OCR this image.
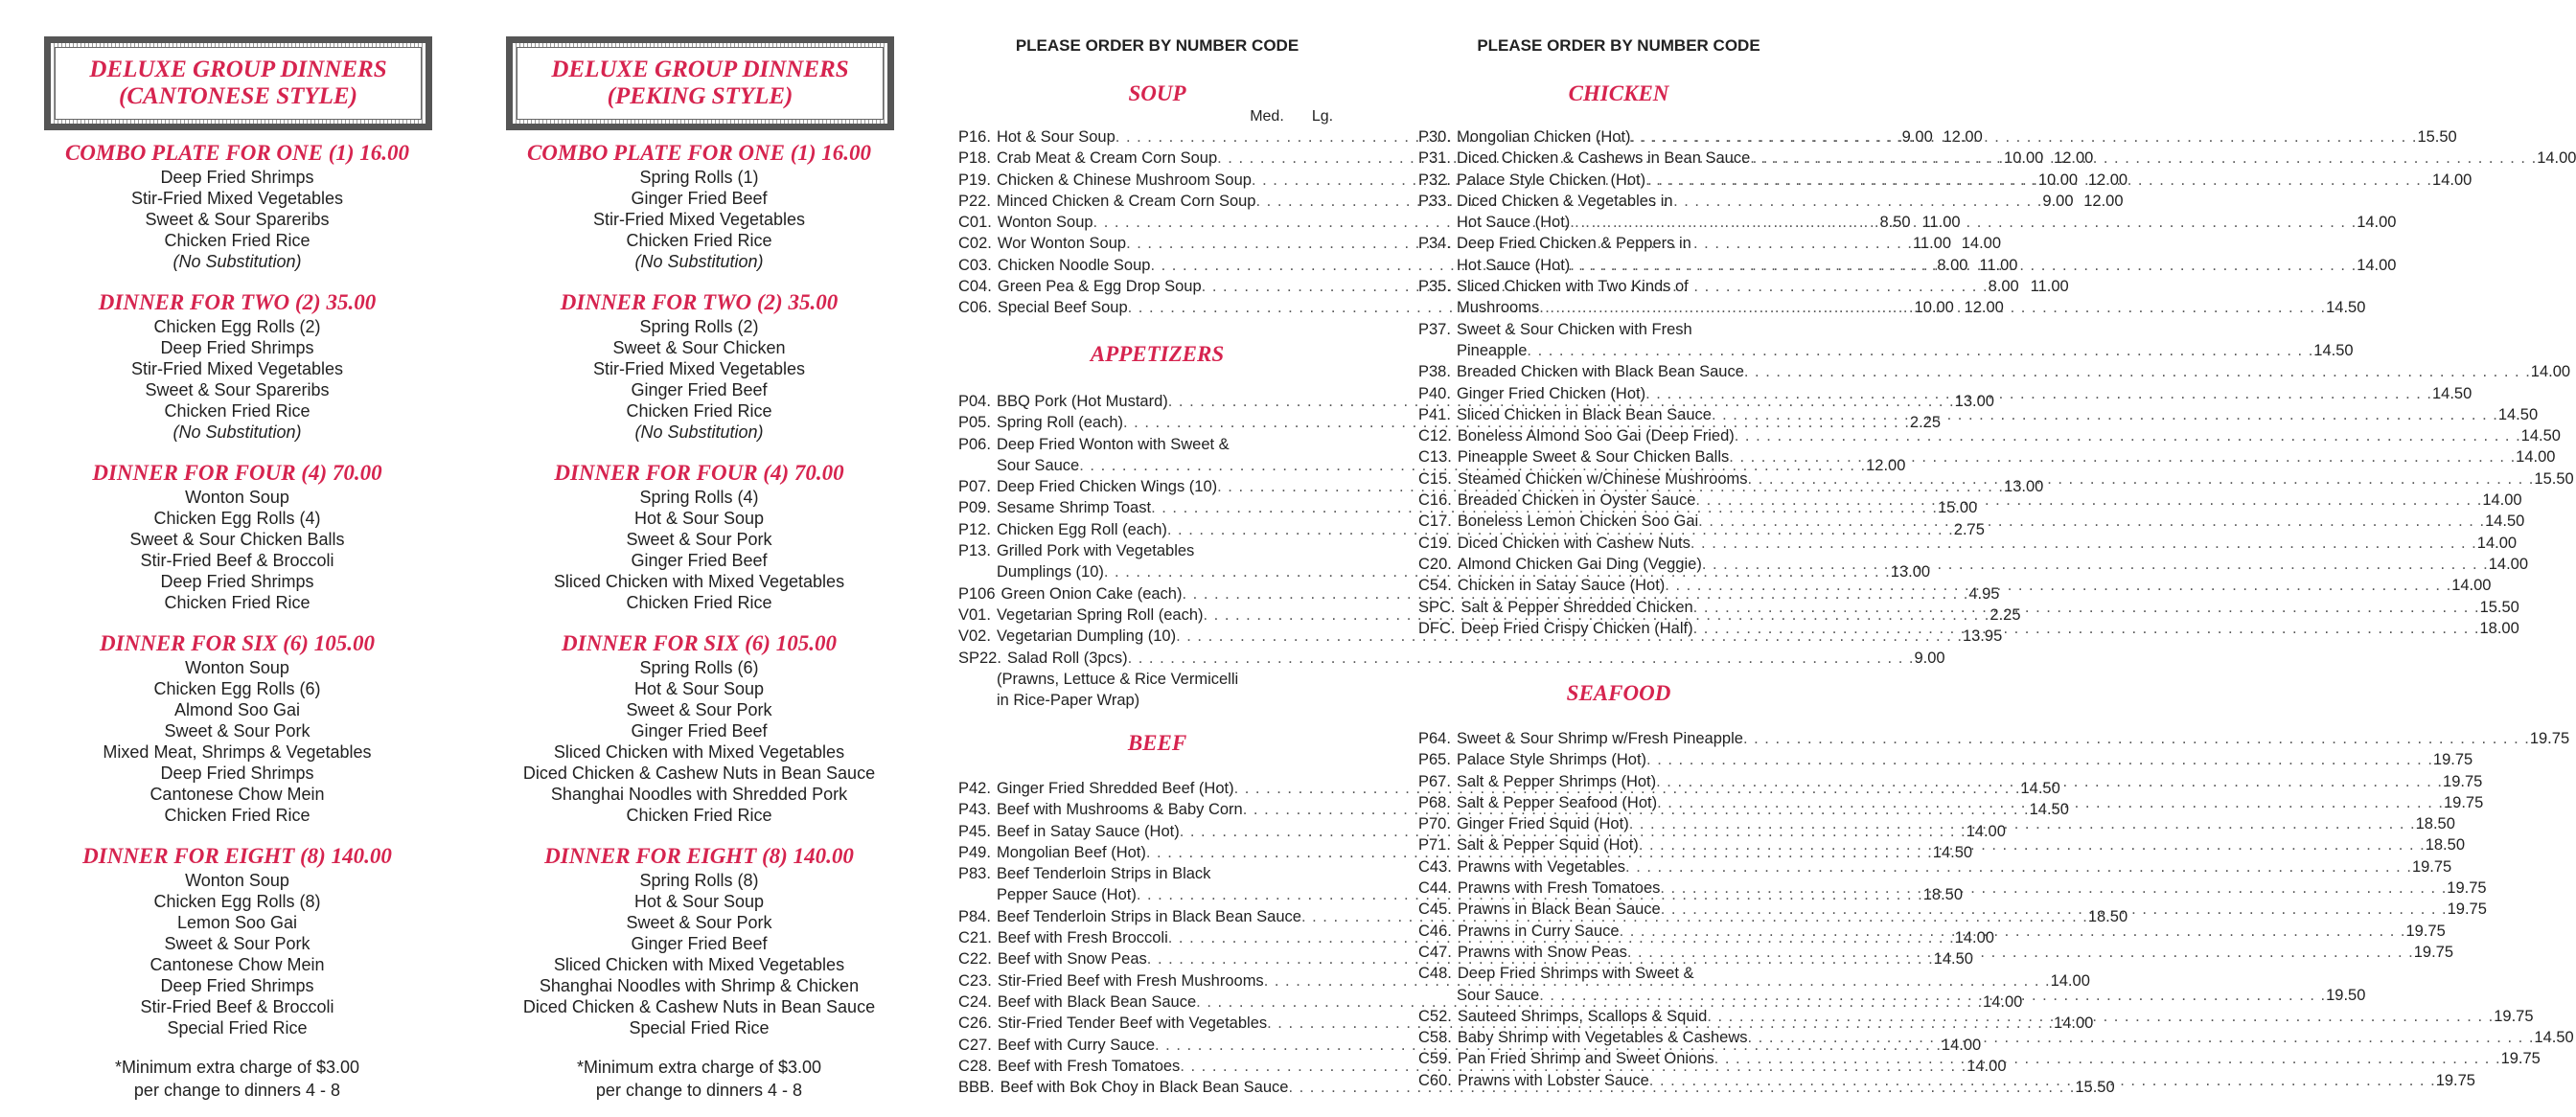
DELUXE GROUP DINNERS

(CANTONESE STYLE)

COMBO PLATE FOR ONE (1) 16.00

Deep Fried Shrimps
Stir-Fried Mixed Vegetables
Sweet & Sour Spareribs
Chicken Fried Rice
(No Substitution)

DINNER FOR TWO (2) 35.00

Chicken Egg Rolls (2)
Deep Fried Shrimps
Stir-Fried Mixed Vegetables
Sweet & Sour Spareribs
Chicken Fried Rice
(No Substitution)

DINNER FOR FOUR (4) 70.00

Wonton Soup
Chicken Egg Rolls (4)
Sweet & Sour Chicken Balls
Stir-Fried Beef & Broccoli
Deep Fried Shrimps
Chicken Fried Rice

DINNER FOR SIX (6) 105.00

Wonton Soup
Chicken Egg Rolls (6)
Almond Soo Gai
Sweet & Sour Pork
Mixed Meat, Shrimps & Vegetables
Deep Fried Shrimps
Cantonese Chow Mein
Chicken Fried Rice

DINNER FOR EIGHT (8) 140.00

Wonton Soup
Chicken Egg Rolls (8)
Lemon Soo Gai
Sweet & Sour Pork
Cantonese Chow Mein
Deep Fried Shrimps
Stir-Fried Beef & Broccoli
Special Fried Rice
*Minimum extra charge of $3.00
per change to dinners 4 - 8

DELUXE GROUP DINNERS

(PEKING STYLE)

COMBO PLATE FOR ONE (1) 16.00

Spring Rolls (1)
Ginger Fried Beef
Stir-Fried Mixed Vegetables
Chicken Fried Rice
(No Substitution)

DINNER FOR TWO (2) 35.00

Spring Rolls (2)
Sweet & Sour Chicken
Stir-Fried Mixed Vegetables
Ginger Fried Beef
Chicken Fried Rice
(No Substitution)

DINNER FOR FOUR (4) 70.00

Spring Rolls (4)
Hot & Sour Soup
Sweet & Sour Pork
Ginger Fried Beef
Sliced Chicken with Mixed Vegetables
Chicken Fried Rice

DINNER FOR SIX (6) 105.00

Spring Rolls (6)
Hot & Sour Soup
Sweet & Sour Pork
Ginger Fried Beef
Sliced Chicken with Mixed Vegetables
Diced Chicken & Cashew Nuts in Bean Sauce
Shanghai Noodles with Shredded Pork
Chicken Fried Rice

DINNER FOR EIGHT (8) 140.00

Spring Rolls (8)
Hot & Sour Soup
Sweet & Sour Pork
Ginger Fried Beef
Sliced Chicken with Mixed Vegetables
Shanghai Noodles with Shrimp & Chicken
Diced Chicken & Cashew Nuts in Bean Sauce
Special Fried Rice
*Minimum extra charge of $3.00
per change to dinners 4 - 8
PLEASE ORDER BY NUMBER CODE

SOUP

Med.	Lg.
P16. Hot & Sour Soup . . .	9.00 12.00
P18. Crab Meat & Cream Corn Soup . . .	10.00 12.00
P19. Chicken & Chinese Mushroom Soup . . .	10.00 12.00
P22. Minced Chicken & Cream Corn Soup . . .	9.00 12.00
C01. Wonton Soup . . .	8.50 11.00
C02. Wor Wonton Soup . . .	11.00 14.00
C03. Chicken Noodle Soup . . .	8.00 11.00
C04. Green Pea & Egg Drop Soup . . .	8.00 11.00
C06. Special Beef Soup . . .	10.00 12.00

APPETIZERS

P04. BBQ Pork (Hot Mustard) . . .	13.00
P05. Spring Roll (each) . . .	2.25
P06. Deep Fried Wonton with Sweet &
Sour Sauce . . .	12.00
P07. Deep Fried Chicken Wings (10) . . .	13.00
P09. Sesame Shrimp Toast . . .	15.00
P12. Chicken Egg Roll (each) . . .	2.75
P13. Grilled Pork with Vegetables
Dumplings (10) . . .	13.00
P106 Green Onion Cake (each) . . .	4.95
V01. Vegetarian Spring Roll (each) . . .	2.25
V02. Vegetarian Dumpling (10) . . .	13.95
SP22. Salad Roll (3pcs) . . .	9.00
(Prawns, Lettuce & Rice Vermicelli
in Rice-Paper Wrap)

BEEF

P42. Ginger Fried Shredded Beef (Hot) . . .	14.50
P43. Beef with Mushrooms & Baby Corn . . .	14.50
P45. Beef in Satay Sauce (Hot) . . .	14.00
P49. Mongolian Beef (Hot) . . .	14.50
P83. Beef Tenderloin Strips in Black
Pepper Sauce (Hot) . . .	18.50
P84. Beef Tenderloin Strips in Black Bean Sauce . . .	18.50
C21. Beef with Fresh Broccoli . . .	14.00
C22. Beef with Snow Peas . . .	14.50
C23. Stir-Fried Beef with Fresh Mushrooms . . .	14.00
C24. Beef with Black Bean Sauce . . .	14.00
C26. Stir-Fried Tender Beef with Vegetables . . .	14.00
C27. Beef with Curry Sauce . . .	14.00
C28. Beef with Fresh Tomatoes . . .	14.00
BBB. Beef with Bok Choy in Black Bean Sauce . . .	15.50
PLEASE ORDER BY NUMBER CODE

CHICKEN

P30. Mongolian Chicken (Hot) . . .	15.50
P31. Diced Chicken & Cashews in Bean Sauce . . .	14.00
P32. Palace Style Chicken (Hot) . . .	14.00
P33. Diced Chicken & Vegetables in
Hot Sauce (Hot) . . .	14.00
P34. Deep Fried Chicken & Peppers in
Hot Sauce (Hot) . . .	14.00
P35. Sliced Chicken with Two Kinds of
Mushrooms . . .	14.50
P37. Sweet & Sour Chicken with Fresh
Pineapple . . .	14.50
P38. Breaded Chicken with Black Bean Sauce . . .	14.00
P40. Ginger Fried Chicken (Hot) . . .	14.50
P41. Sliced Chicken in Black Bean Sauce . . .	14.50
C12. Boneless Almond Soo Gai (Deep Fried) . . .	14.50
C13. Pineapple Sweet & Sour Chicken Balls . . .	14.00
C15. Steamed Chicken w/Chinese Mushrooms . . .	15.50
C16. Breaded Chicken in Oyster Sauce . . .	14.00
C17. Boneless Lemon Chicken Soo Gai . . .	14.50
C19. Diced Chicken with Cashew Nuts . . .	14.00
C20. Almond Chicken Gai Ding (Veggie) . . .	14.00
C54. Chicken in Satay Sauce (Hot) . . .	14.00
SPC. Salt & Pepper Shredded Chicken . . .	15.50
DFC. Deep Fried Crispy Chicken (Half) . . .	18.00

SEAFOOD

P64. Sweet & Sour Shrimp w/Fresh Pineapple . . .	19.75
P65. Palace Style Shrimps (Hot) . . .	19.75
P67. Salt & Pepper Shrimps (Hot) . . .	19.75
P68. Salt & Pepper Seafood (Hot) . . .	19.75
P70. Ginger Fried Squid (Hot) . . .	18.50
P71. Salt & Pepper Squid (Hot) . . .	18.50
C43. Prawns with Vegetables . . .	19.75
C44. Prawns with Fresh Tomatoes . . .	19.75
C45. Prawns in Black Bean Sauce . . .	19.75
C46. Prawns in Curry Sauce . . .	19.75
C47. Prawns with Snow Peas . . .	19.75
C48. Deep Fried Shrimps with Sweet &
Sour Sauce . . .	19.50
C52. Sauteed Shrimps, Scallops & Squid . . .	19.75
C58. Baby Shrimp with Vegetables & Cashews . . .	14.50
C59. Pan Fried Shrimp and Sweet Onions . . .	19.75
C60. Prawns with Lobster Sauce . . .	19.75
